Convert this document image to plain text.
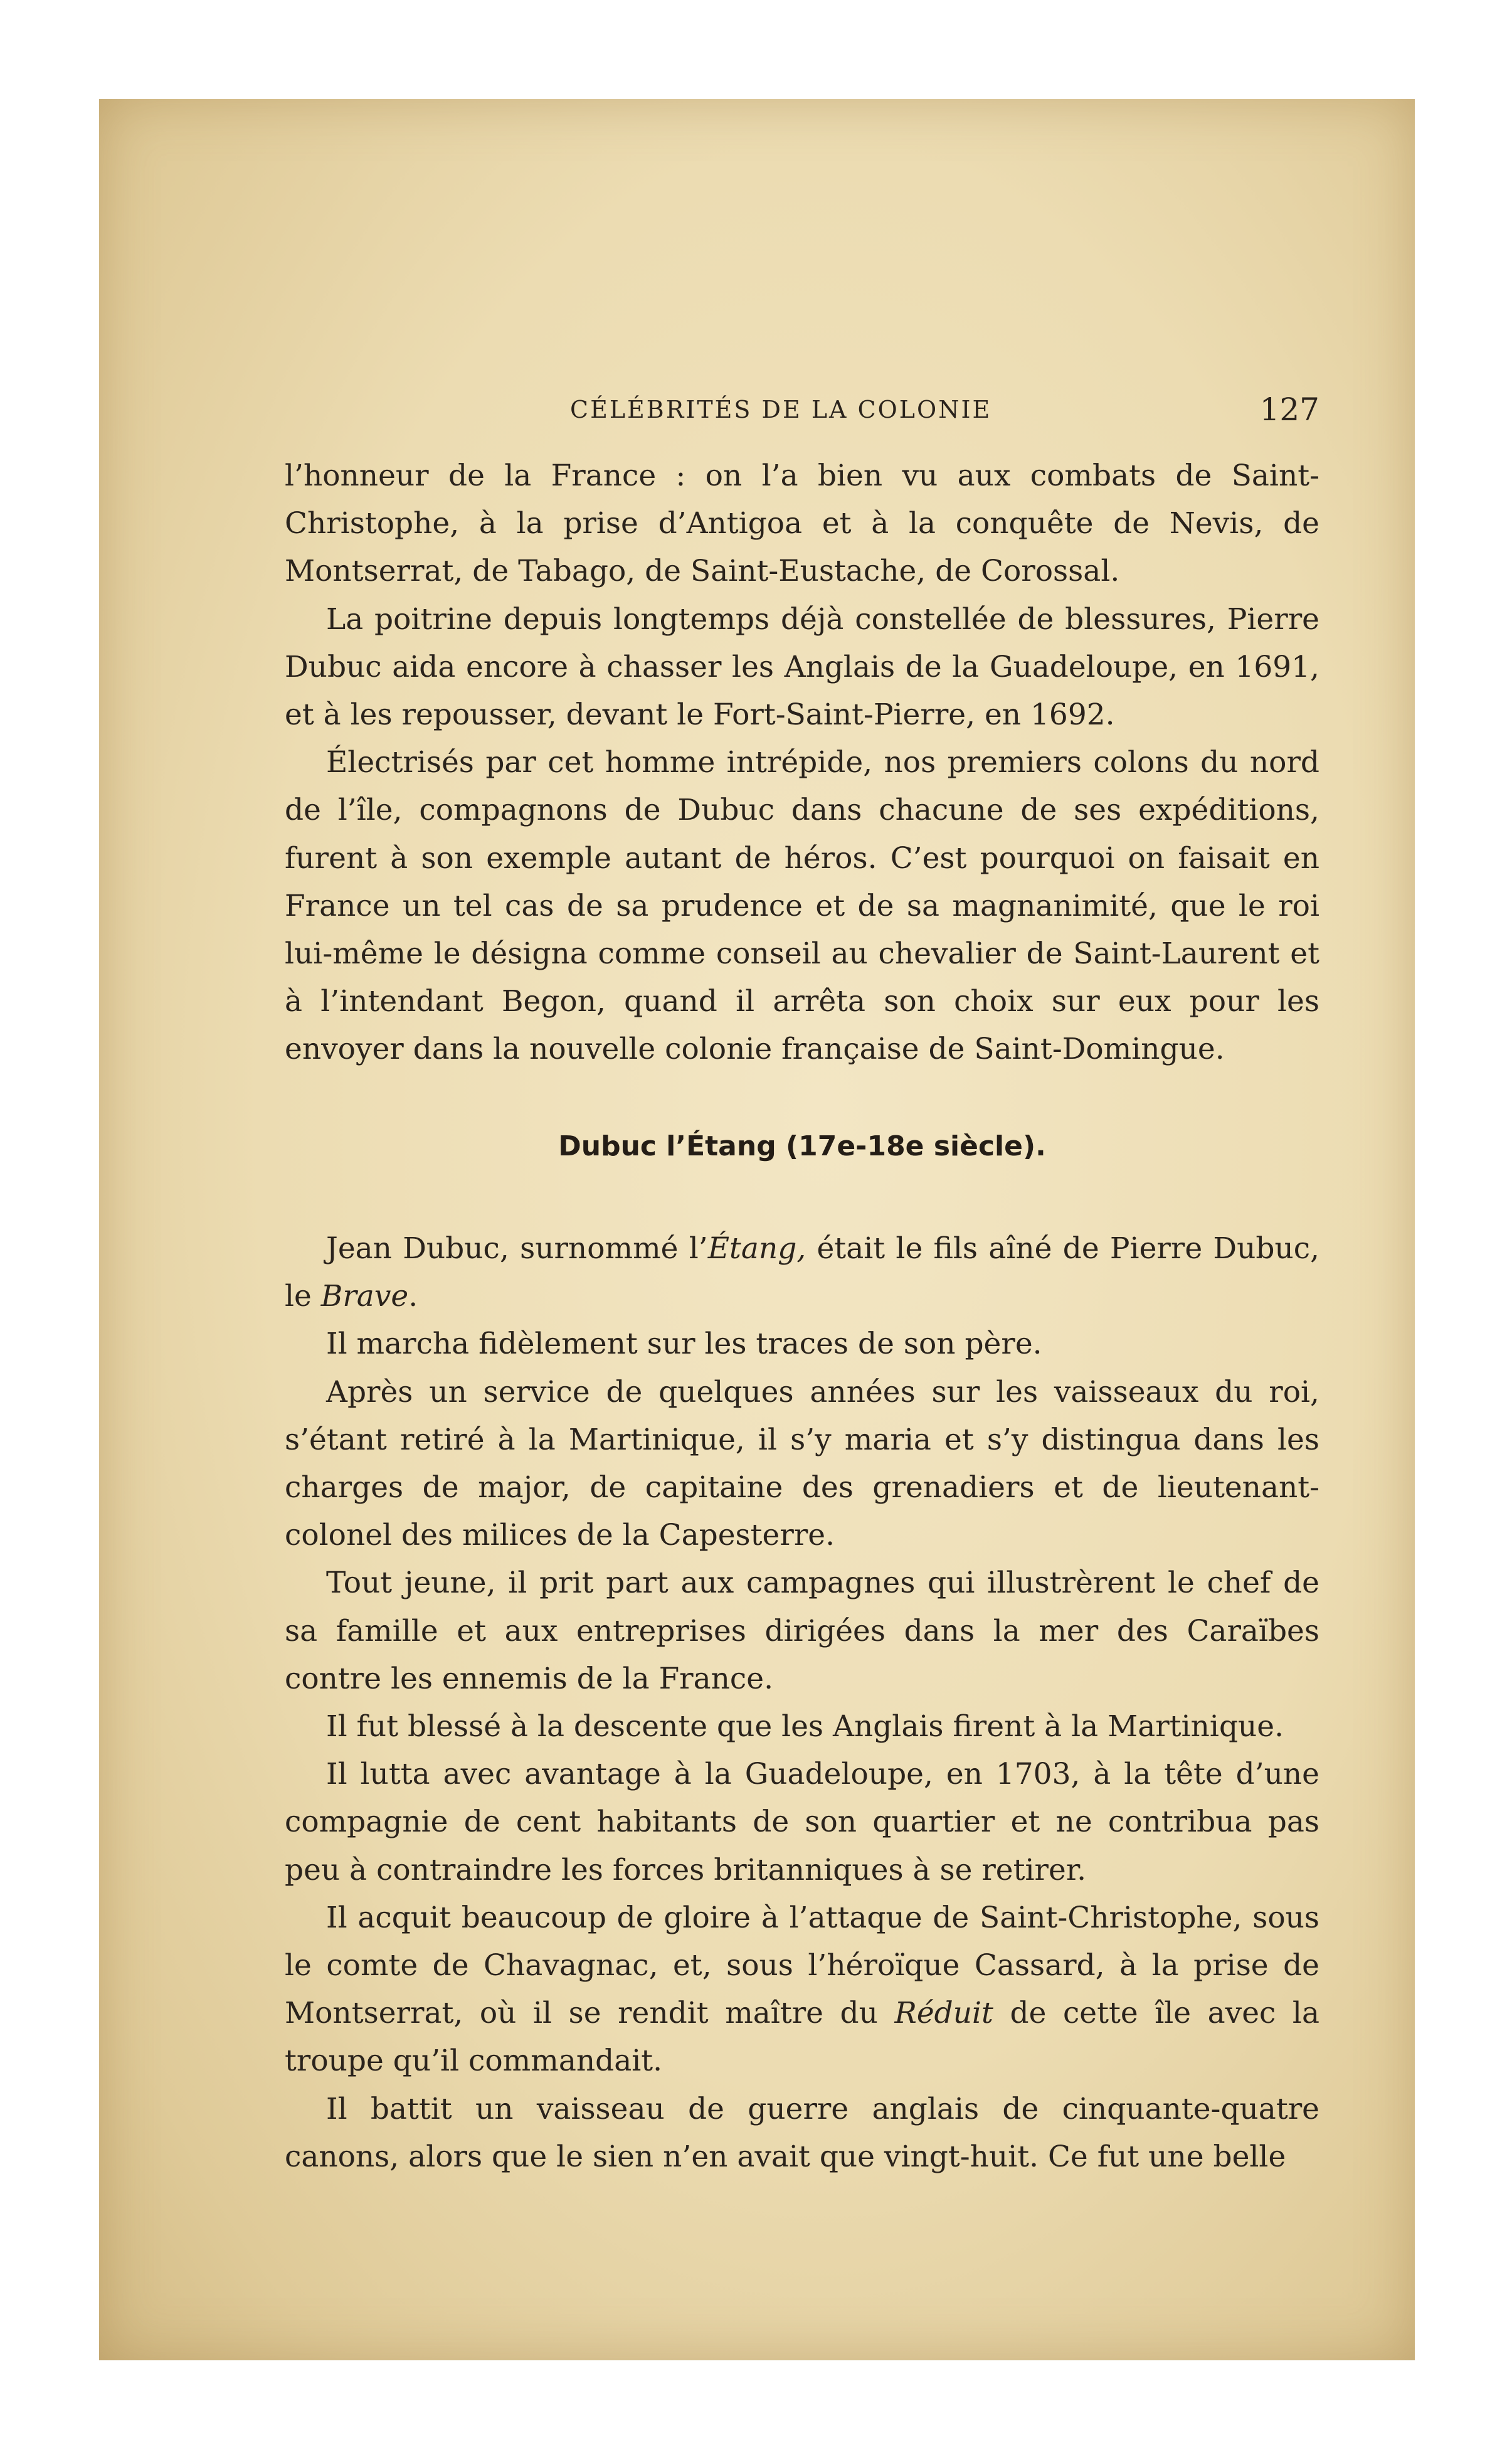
CÉLÉBRITÉS DE LA COLONIE	127

l’honneur de la France : on l’a bien vu aux combats de Saint-Christophe, à la prise d’Antigoa et à la conquête de Nevis, de Montserrat, de Tabago, de Saint-Eustache, de Corossal.

La poitrine depuis longtemps déjà constellée de blessures, Pierre Dubuc aida encore à chasser les Anglais de la Guadeloupe, en 1691, et à les repousser, devant le Fort-Saint-Pierre, en 1692.

Électrisés par cet homme intrépide, nos premiers colons du nord de l’île, compagnons de Dubuc dans chacune de ses expéditions, furent à son exemple autant de héros. C’est pourquoi on faisait en France un tel cas de sa prudence et de sa magnanimité, que le roi lui-même le désigna comme conseil au chevalier de Saint-Laurent et à l’intendant Begon, quand il arrêta son choix sur eux pour les envoyer dans la nouvelle colonie française de Saint-Domingue.

Dubuc l’Étang (17e-18e siècle).

Jean Dubuc, surnommé l’Étang, était le fils aîné de Pierre Dubuc, le Brave.

Il marcha fidèlement sur les traces de son père.

Après un service de quelques années sur les vaisseaux du roi, s’étant retiré à la Martinique, il s’y maria et s’y distingua dans les charges de major, de capitaine des grenadiers et de lieutenant-colonel des milices de la Capesterre.

Tout jeune, il prit part aux campagnes qui illustrèrent le chef de sa famille et aux entreprises dirigées dans la mer des Caraïbes contre les ennemis de la France.

Il fut blessé à la descente que les Anglais firent à la Martinique.

Il lutta avec avantage à la Guadeloupe, en 1703, à la tête d’une compagnie de cent habitants de son quartier et ne contribua pas peu à contraindre les forces britanniques à se retirer.

Il acquit beaucoup de gloire à l’attaque de Saint-Christophe, sous le comte de Chavagnac, et, sous l’héroïque Cassard, à la prise de Montserrat, où il se rendit maître du Réduit de cette île avec la troupe qu’il commandait.

Il battit un vaisseau de guerre anglais de cinquante-quatre canons, alors que le sien n’en avait que vingt-huit. Ce fut une belle
